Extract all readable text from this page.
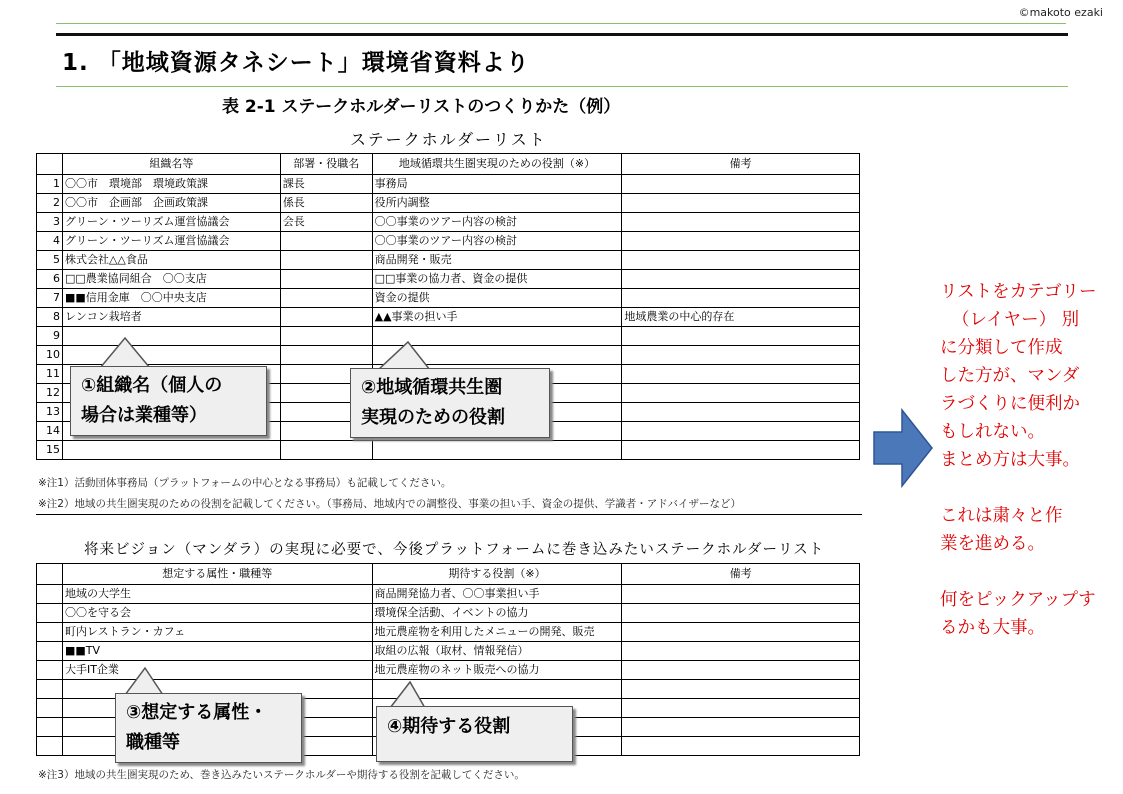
©makoto ezaki
1. 「地域資源タネシート」環境省資料より
表 2-1 ステークホルダーリストのつくりかた（例）
ステークホルダーリスト
	組織名等	部署・役職名	地域循環共生圏実現のための役割（※）	備考
1	〇〇市　環境部　環境政策課	課長	事務局	
2	〇〇市　企画部　企画政策課	係長	役所内調整	
3	グリーン・ツーリズム運営協議会	会長	〇〇事業のツアー内容の検討	
4	グリーン・ツーリズム運営協議会		〇〇事業のツアー内容の検討	
5	株式会社△△食品		商品開発・販売	
6	□□農業協同組合　〇〇支店		□□事業の協力者、資金の提供	
7	■■信用金庫　〇〇中央支店		資金の提供	
8	レンコン栽培者		▲▲事業の担い手	地域農業の中心的存在
9				
10				
11				
12				
13				
14				
15				
※注1）活動団体事務局（プラットフォームの中心となる事務局）も記載してください。
※注2）地域の共生圏実現のための役割を記載してください。（事務局、地域内での調整役、事業の担い手、資金の提供、学識者・アドバイザーなど）
将来ビジョン（マンダラ）の実現に必要で、今後プラットフォームに巻き込みたいステークホルダーリスト
	想定する属性・職種等	期待する役割（※）	備考
	地域の大学生	商品開発協力者、〇〇事業担い手	
	〇〇を守る会	環境保全活動、イベントの協力	
	町内レストラン・カフェ	地元農産物を利用したメニューの開発、販売	
	■■TV	取組の広報（取材、情報発信）	
	大手IT企業	地元農産物のネット販売への協力	

※注3）地域の共生圏実現のため、巻き込みたいステークホルダーや期待する役割を記載してください。
①組織名（個人の
場合は業種等）
②地域循環共生圏
実現のための役割
③想定する属性・
職種等
④期待する役割

リストをカテゴリー

（レイヤー） 別

に分類して作成

した方が、マンダ

ラづくりに便利か

もしれない。

まとめ方は大事。

これは粛々と作

業を進める。

何をピックアップす

るかも大事。
